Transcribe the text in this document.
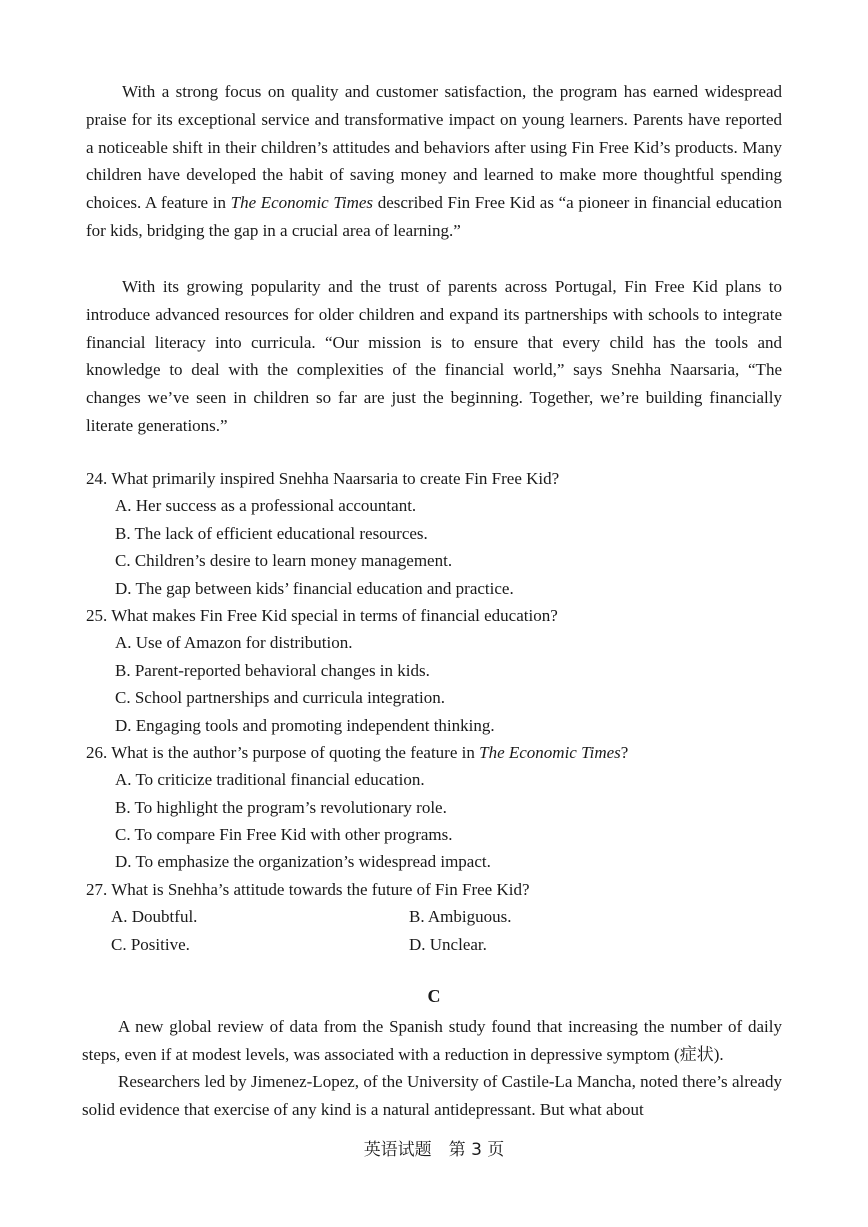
With a strong focus on quality and customer satisfaction, the program has earned widespread praise for its exceptional service and transformative impact on young learners. Parents have reported a noticeable shift in their children’s attitudes and behaviors after using Fin Free Kid’s products. Many children have developed the habit of saving money and learned to make more thoughtful spending choices. A feature in The Economic Times described Fin Free Kid as “a pioneer in financial education for kids, bridging the gap in a crucial area of learning.”

With its growing popularity and the trust of parents across Portugal, Fin Free Kid plans to introduce advanced resources for older children and expand its partnerships with schools to integrate financial literacy into curricula. “Our mission is to ensure that every child has the tools and knowledge to deal with the complexities of the financial world,” says Snehha Naarsaria, “The changes we’ve seen in children so far are just the beginning. Together, we’re building financially literate generations.”

24. What primarily inspired Snehha Naarsaria to create Fin Free Kid?
A. Her success as a professional accountant.
B. The lack of efficient educational resources.
C. Children’s desire to learn money management.
D. The gap between kids’ financial education and practice.
25. What makes Fin Free Kid special in terms of financial education?
A. Use of Amazon for distribution.
B. Parent-reported behavioral changes in kids.
C. School partnerships and curricula integration.
D. Engaging tools and promoting independent thinking.
26. What is the author’s purpose of quoting the feature in The Economic Times?
A. To criticize traditional financial education.
B. To highlight the program’s revolutionary role.
C. To compare Fin Free Kid with other programs.
D. To emphasize the organization’s widespread impact.
27. What is Snehha’s attitude towards the future of Fin Free Kid?
A. Doubtful.	B. Ambiguous.
C. Positive.	D. Unclear.
C

A new global review of data from the Spanish study found that increasing the number of daily steps, even if at modest levels, was associated with a reduction in depressive symptom (症状).

Researchers led by Jimenez-Lopez, of the University of Castile-La Mancha, noted there’s already solid evidence that exercise of any kind is a natural antidepressant. But what about

英语试题　第 3 页
